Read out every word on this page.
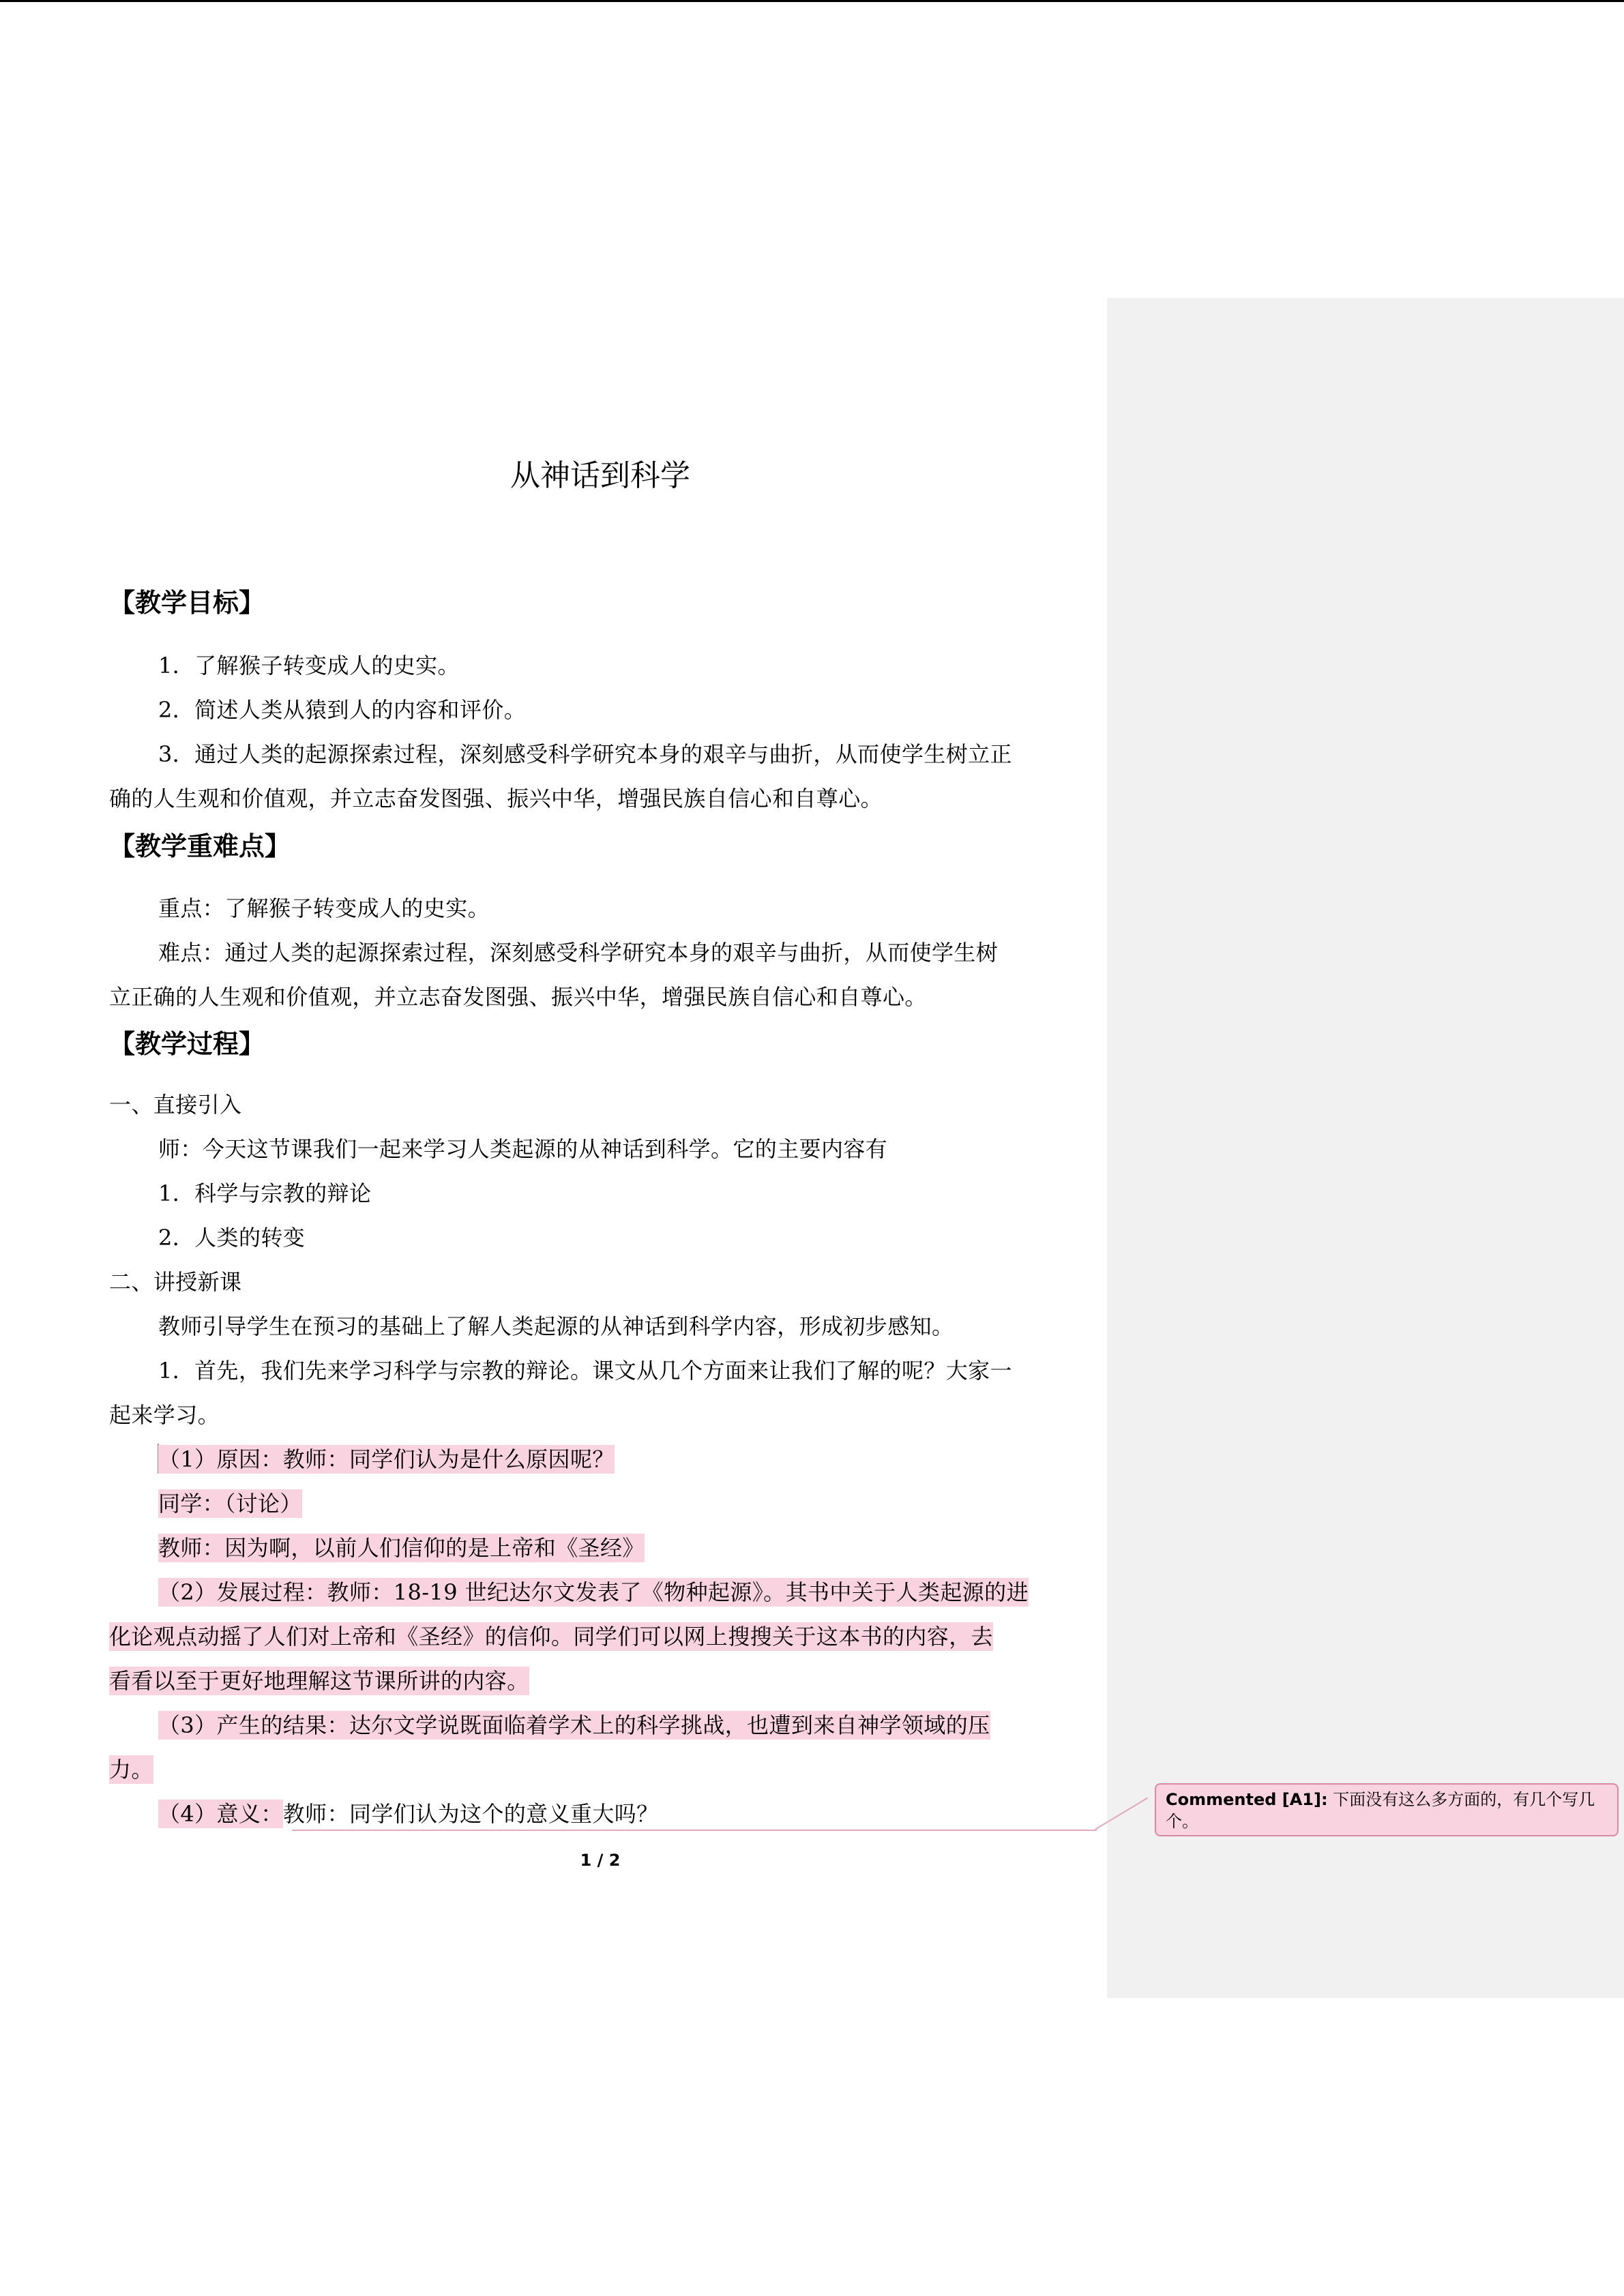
从神话到科学
【教学目标】
1．了解猴子转变成人的史实。
2．简述人类从猿到人的内容和评价。
3．通过人类的起源探索过程，深刻感受科学研究本身的艰辛与曲折，从而使学生树立正
确的人生观和价值观，并立志奋发图强、振兴中华，增强民族自信心和自尊心。
【教学重难点】
重点：了解猴子转变成人的史实。
难点：通过人类的起源探索过程，深刻感受科学研究本身的艰辛与曲折，从而使学生树
立正确的人生观和价值观，并立志奋发图强、振兴中华，增强民族自信心和自尊心。
【教学过程】
一、直接引入
师：今天这节课我们一起来学习人类起源的从神话到科学。它的主要内容有
1．科学与宗教的辩论
2．人类的转变
二、讲授新课
教师引导学生在预习的基础上了解人类起源的从神话到科学内容，形成初步感知。
1．首先，我们先来学习科学与宗教的辩论。课文从几个方面来让我们了解的呢？大家一
起来学习。
（1）原因：教师：同学们认为是什么原因呢？
同学：（讨论）
教师：因为啊，以前人们信仰的是上帝和《圣经》
（2）发展过程：教师：18-19 世纪达尔文发表了《物种起源》。其书中关于人类起源的进
化论观点动摇了人们对上帝和《圣经》的信仰。同学们可以网上搜搜关于这本书的内容，去
看看以至于更好地理解这节课所讲的内容。
（3）产生的结果：达尔文学说既面临着学术上的科学挑战，也遭到来自神学领域的压
力。
（4）意义：教师：同学们认为这个的意义重大吗？
Commented [A1]: 下面没有这么多方面的，有几个写几个。
1 / 2
